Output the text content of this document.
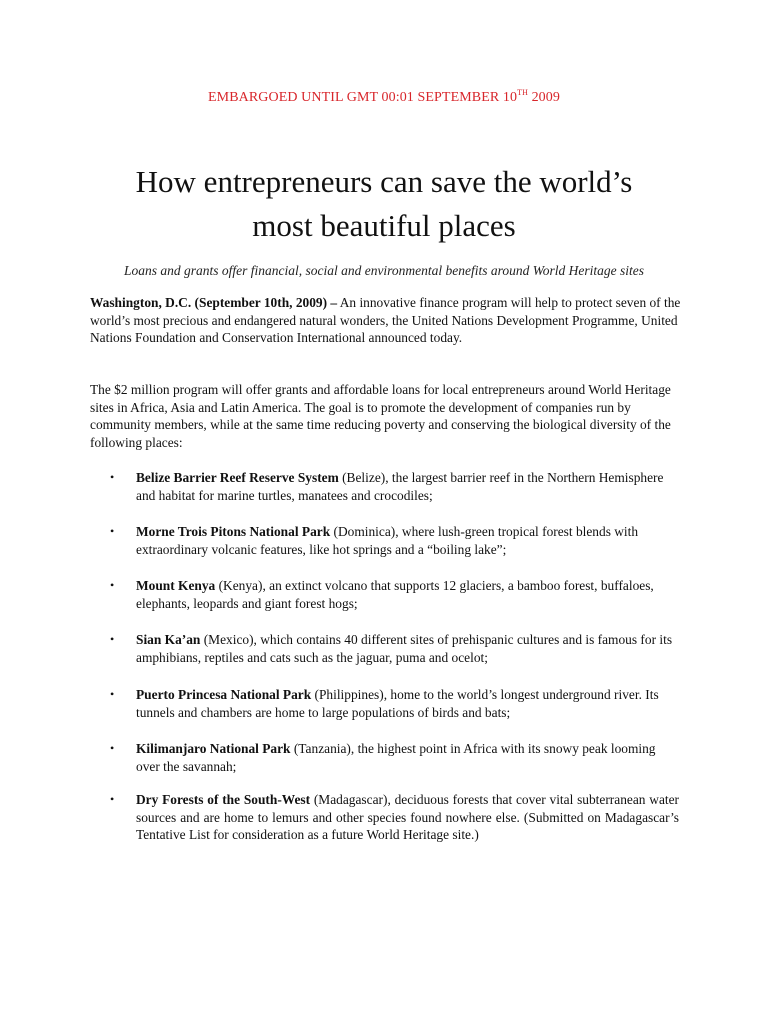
EMBARGOED UNTIL GMT 00:01 SEPTEMBER 10TH 2009
How entrepreneurs can save the world’s
most beautiful places
Loans and grants offer financial, social and environmental benefits around World Heritage sites

Washington, D.C. (September 10th, 2009) – An innovative finance program will help to protect seven of the world’s most precious and endangered natural wonders, the United Nations Development Programme, United Nations Foundation and Conservation International announced today.

The $2 million program will offer grants and affordable loans for local entrepreneurs around World Heritage sites in Africa, Asia and Latin America. The goal is to promote the development of companies run by community members, while at the same time reducing poverty and conserving the biological diversity of the following places:

• Belize Barrier Reef Reserve System (Belize), the largest barrier reef in the Northern Hemisphere and habitat for marine turtles, manatees and crocodiles;
• Morne Trois Pitons National Park (Dominica), where lush-green tropical forest blends with extraordinary volcanic features, like hot springs and a “boiling lake”;
• Mount Kenya (Kenya), an extinct volcano that supports 12 glaciers, a bamboo forest, buffaloes, elephants, leopards and giant forest hogs;
• Sian Ka’an (Mexico), which contains 40 different sites of prehispanic cultures and is famous for its amphibians, reptiles and cats such as the jaguar, puma and ocelot;
• Puerto Princesa National Park (Philippines), home to the world’s longest underground river. Its tunnels and chambers are home to large populations of birds and bats;
• Kilimanjaro National Park (Tanzania), the highest point in Africa with its snowy peak looming over the savannah;
• Dry Forests of the South-West (Madagascar), deciduous forests that cover vital subterranean water sources and are home to lemurs and other species found nowhere else. (Submitted on Madagascar’s Tentative List for consideration as a future World Heritage site.)
